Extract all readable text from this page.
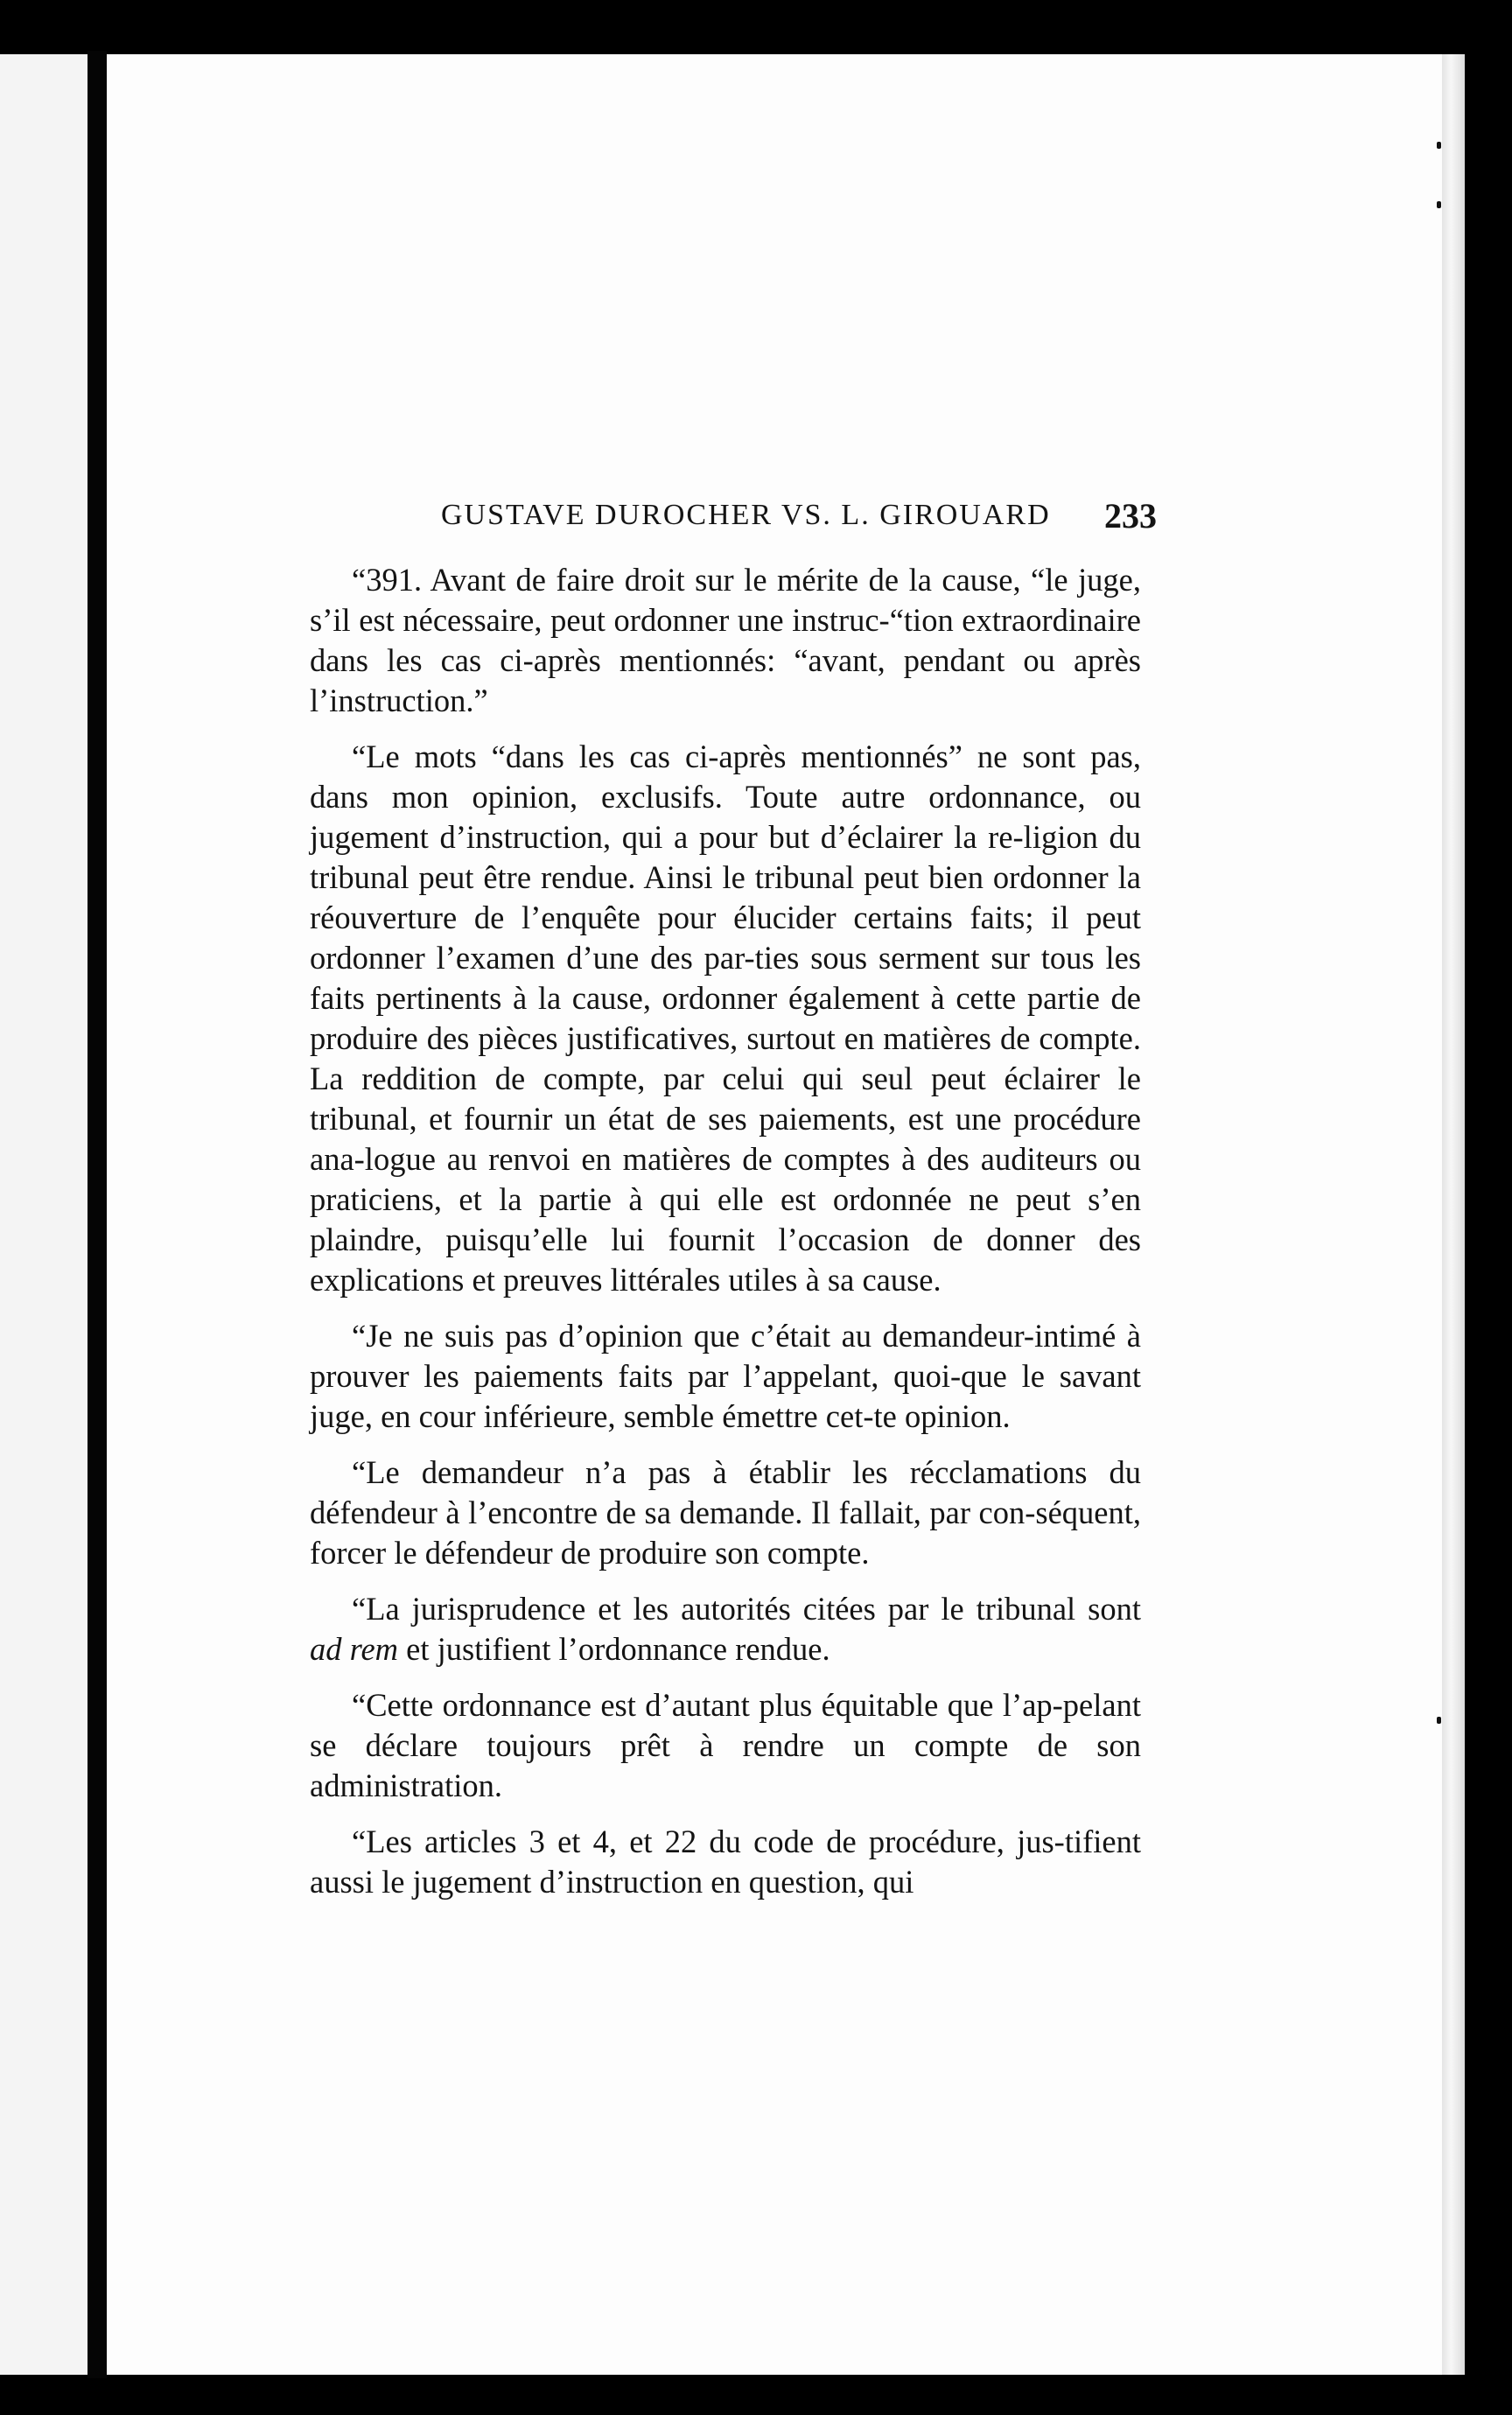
GUSTAVE DUROCHER VS. L. GIROUARD 233

“391. Avant de faire droit sur le mérite de la cause, “le juge, s’il est nécessaire, peut ordonner une instruc-“tion extraordinaire dans les cas ci-après mentionnés: “avant, pendant ou après l’instruction.”

“Le mots “dans les cas ci-après mentionnés” ne sont pas, dans mon opinion, exclusifs. Toute autre ordonnance, ou jugement d’instruction, qui a pour but d’éclairer la re-ligion du tribunal peut être rendue. Ainsi le tribunal peut bien ordonner la réouverture de l’enquête pour élucider certains faits; il peut ordonner l’examen d’une des par-ties sous serment sur tous les faits pertinents à la cause, ordonner également à cette partie de produire des pièces justificatives, surtout en matières de compte. La reddition de compte, par celui qui seul peut éclairer le tribunal, et fournir un état de ses paiements, est une procédure ana-logue au renvoi en matières de comptes à des auditeurs ou praticiens, et la partie à qui elle est ordonnée ne peut s’en plaindre, puisqu’elle lui fournit l’occasion de donner des explications et preuves littérales utiles à sa cause.

“Je ne suis pas d’opinion que c’était au demandeur-intimé à prouver les paiements faits par l’appelant, quoi-que le savant juge, en cour inférieure, semble émettre cet-te opinion.

“Le demandeur n’a pas à établir les récclamations du défendeur à l’encontre de sa demande. Il fallait, par con-séquent, forcer le défendeur de produire son compte.

“La jurisprudence et les autorités citées par le tribunal sont ad rem et justifient l’ordonnance rendue.

“Cette ordonnance est d’autant plus équitable que l’ap-pelant se déclare toujours prêt à rendre un compte de son administration.

“Les articles 3 et 4, et 22 du code de procédure, jus-tifient aussi le jugement d’instruction en question, qui
